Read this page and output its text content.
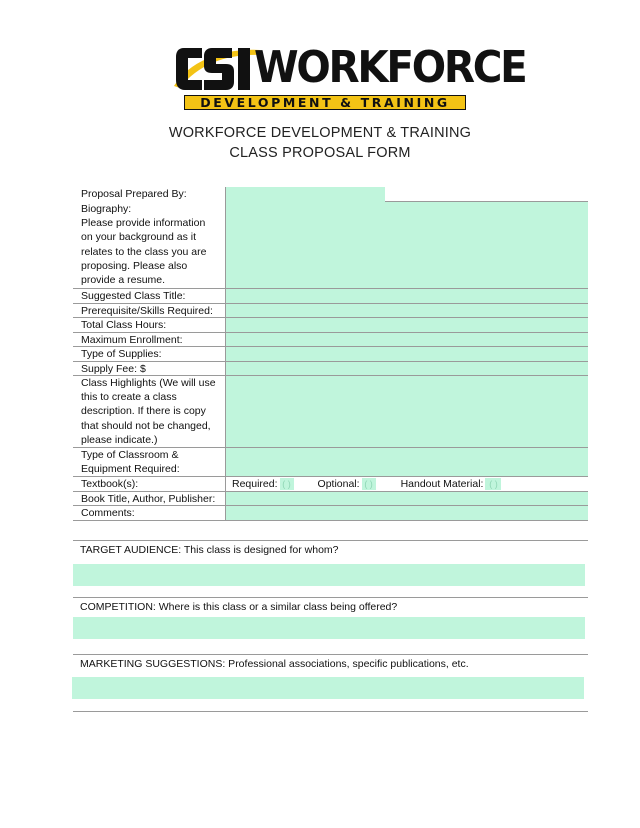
WORKFORCE
DEVELOPMENT & TRAINING
WORKFORCE DEVELOPMENT & TRAINING
CLASS PROPOSAL FORM
Proposal Prepared By:
Biography:
Please provide information
on your background as it
relates to the class you are
proposing. Please also
provide a resume.
Suggested Class Title:
Prerequisite/Skills Required:
Total Class Hours:
Maximum Enrollment:
Type of Supplies:
Supply Fee: $
Class Highlights (We will use
this to create a class
description. If there is copy
that should not be changed,
please indicate.)
Type of Classroom &
Equipment Required:
Textbook(s):	Required: ( )	Optional: ( )	Handout Material: ( )
Book Title, Author, Publisher:
Comments:
TARGET AUDIENCE: This class is designed for whom?
COMPETITION: Where is this class or a similar class being offered?
MARKETING SUGGESTIONS: Professional associations, specific publications, etc.
